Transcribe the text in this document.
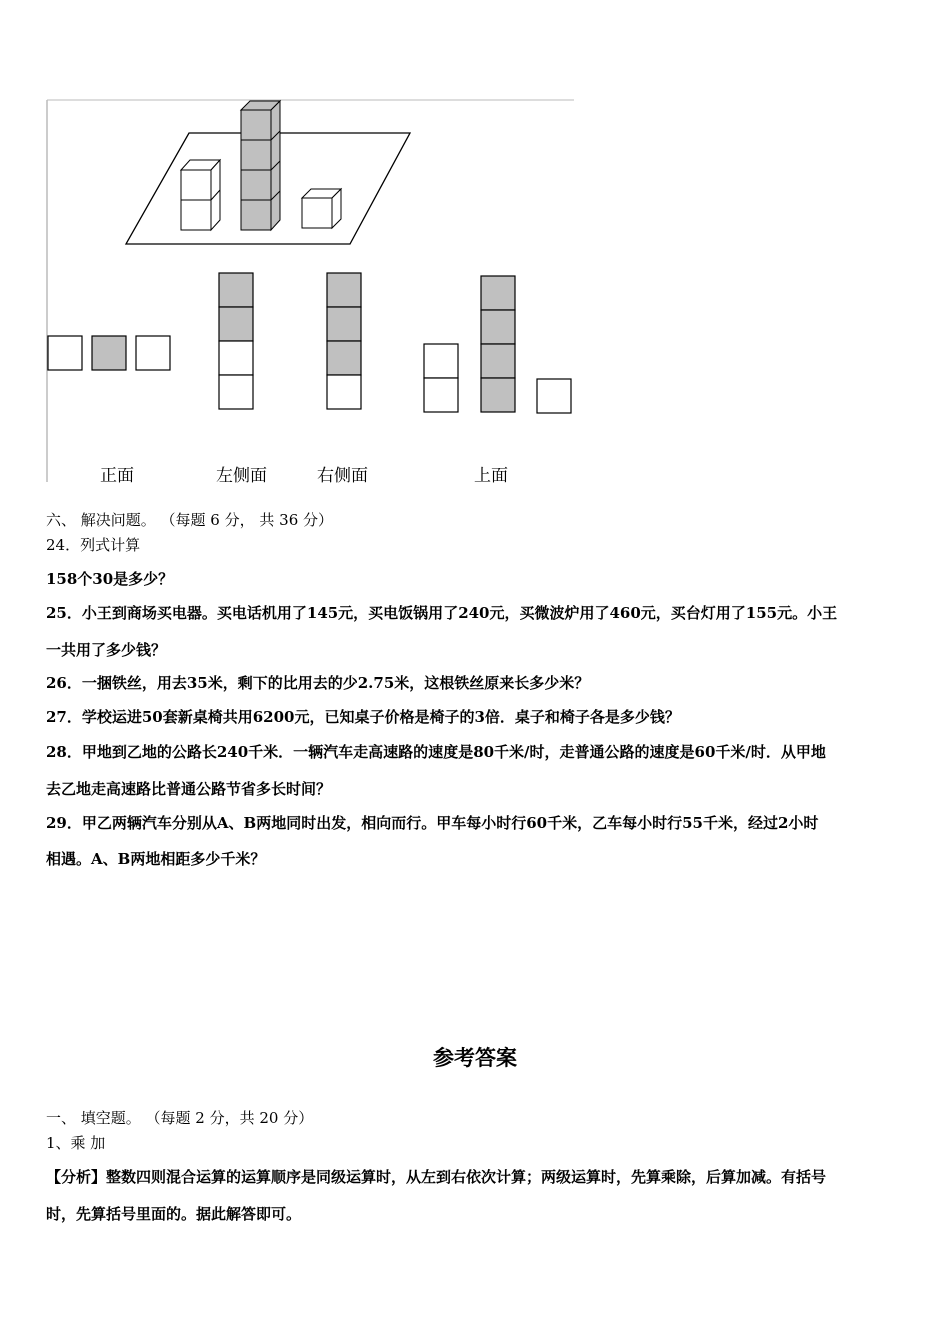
正面	左侧面	右侧面	上面
六、 解决问题。 （每题 6 分， 共 36 分）
24．列式计算
158个30是多少？
25．小王到商场买电器。买电话机用了145元，买电饭锅用了240元，买微波炉用了460元，买台灯用了155元。小王
一共用了多少钱？
26．一捆铁丝，用去35米，剩下的比用去的少2.75米，这根铁丝原来长多少米？
27．学校运进50套新桌椅共用6200元，已知桌子价格是椅子的3倍．桌子和椅子各是多少钱？
28．甲地到乙地的公路长240千米．一辆汽车走高速路的速度是80千米/时，走普通公路的速度是60千米/时．从甲地
去乙地走高速路比普通公路节省多长时间？
29．甲乙两辆汽车分别从A、B两地同时出发，相向而行。甲车每小时行60千米，乙车每小时行55千米，经过2小时
相遇。A、B两地相距多少千米？
参考答案
一、 填空题。 （每题 2 分，共 20 分）
1、乘 加
【分析】整数四则混合运算的运算顺序是同级运算时，从左到右依次计算；两级运算时，先算乘除，后算加减。有括号
时，先算括号里面的。据此解答即可。
